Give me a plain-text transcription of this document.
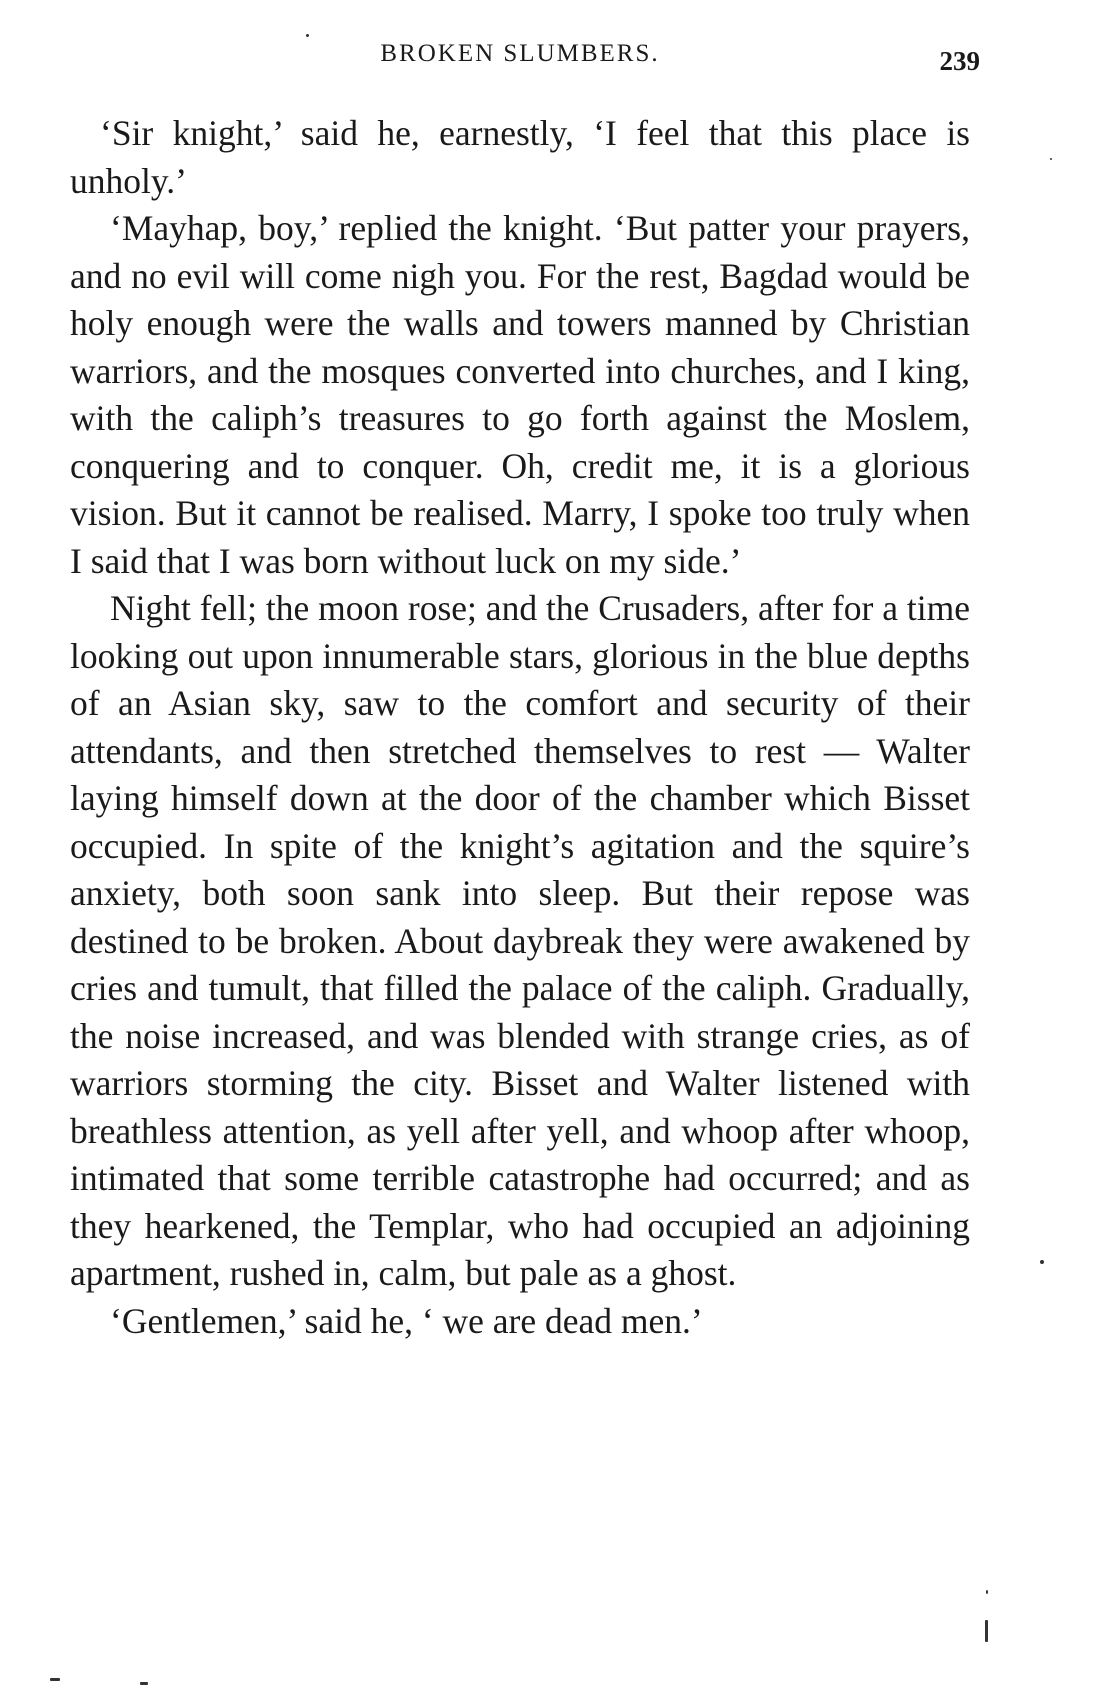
BROKEN SLUMBERS.	239

‘Sir knight,’ said he, earnestly, ‘I feel that this place is unholy.’

‘Mayhap, boy,’ replied the knight. ‘But patter your prayers, and no evil will come nigh you. For the rest, Bagdad would be holy enough were the walls and towers manned by Christian warriors, and the mosques converted into churches, and I king, with the caliph’s treasures to go forth against the Moslem, conquering and to conquer. Oh, credit me, it is a glorious vision. But it cannot be realised. Marry, I spoke too truly when I said that I was born without luck on my side.’

Night fell; the moon rose; and the Crusaders, after for a time looking out upon innumerable stars, glorious in the blue depths of an Asian sky, saw to the comfort and security of their attendants, and then stretched themselves to rest — Walter laying himself down at the door of the chamber which Bisset occupied. In spite of the knight’s agitation and the squire’s anxiety, both soon sank into sleep. But their repose was destined to be broken. About daybreak they were awakened by cries and tumult, that filled the palace of the caliph. Gradually, the noise increased, and was blended with strange cries, as of warriors storming the city. Bisset and Walter listened with breathless attention, as yell after yell, and whoop after whoop, intimated that some terrible catastrophe had occurred; and as they hearkened, the Templar, who had occupied an adjoining apartment, rushed in, calm, but pale as a ghost.

‘Gentlemen,’ said he, ‘ we are dead men.’
